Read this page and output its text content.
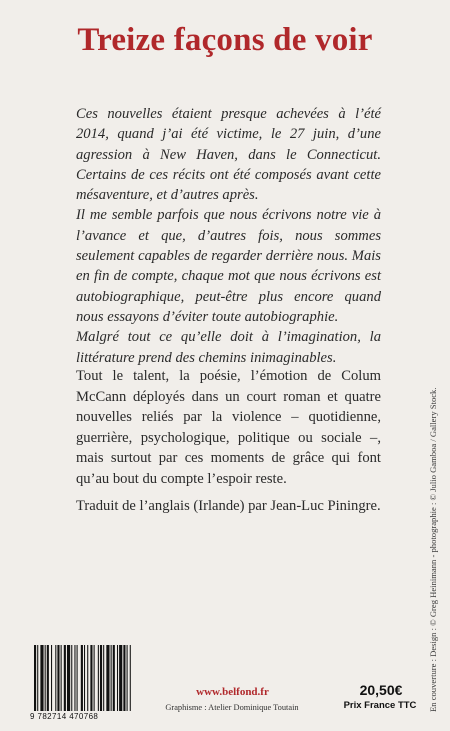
Treize façons de voir

Ces nouvelles étaient presque achevées à l’été 2014, quand j’ai été victime, le 27 juin, d’une agression à New Haven, dans le Connecticut. Certains de ces récits ont été composés avant cette mésaventure, et d’autres après.

Il me semble parfois que nous écrivons notre vie à l’avance et que, d’autres fois, nous sommes seulement capables de regarder derrière nous. Mais en fin de compte, chaque mot que nous écrivons est autobiographique, peut-être plus encore quand nous essayons d’éviter toute autobiographie.

Malgré tout ce qu’elle doit à l’imagination, la littérature prend des chemins inimaginables.

Tout le talent, la poésie, l’émotion de Colum McCann déployés dans un court roman et quatre nouvelles reliés par la violence – quotidienne, guerrière, psychologique, politique ou sociale –, mais surtout par ces moments de grâce qui font qu’au bout du compte l’espoir reste.

Traduit de l’anglais (Irlande) par Jean-Luc Piningre.	En couverture : Design : © Greg Heinimann - photographie : © Julio Gamboa / Gallery Stock.
9 782714 470768
www.belfond.fr
Graphisme : Atelier Dominique Toutain
20,50€
Prix France TTC
